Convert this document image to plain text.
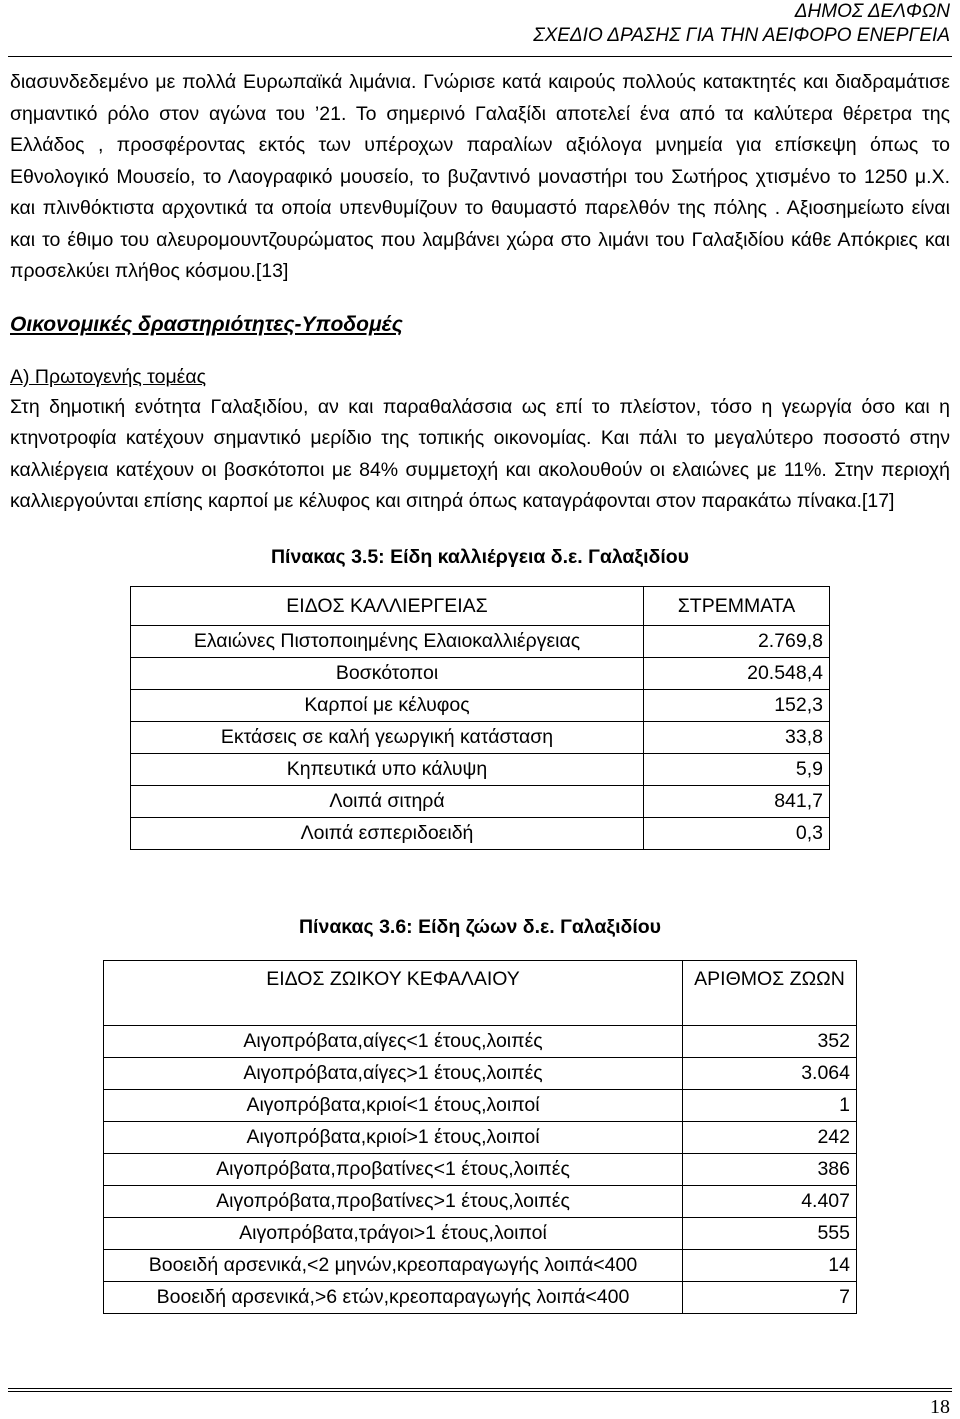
ΔΗΜΟΣ ΔΕΛΦΩΝ
ΣΧΕΔΙΟ ΔΡΑΣΗΣ ΓΙΑ ΤΗΝ ΑΕΙΦΟΡΟ ΕΝΕΡΓΕΙΑ

διασυνδεδεμένο με πολλά Ευρωπαϊκά λιμάνια. Γνώρισε κατά καιρούς πολλούς κατακτητές και διαδραμάτισε σημαντικό ρόλο στον αγώνα του ’21. Το σημερινό Γαλαξίδι αποτελεί ένα από τα καλύτερα θέρετρα της Ελλάδος , προσφέροντας εκτός των υπέροχων παραλίων αξιόλογα μνημεία για επίσκεψη όπως το Εθνολογικό Μουσείο, το Λαογραφικό μουσείο, το βυζαντινό μοναστήρι του Σωτήρος χτισμένο το 1250 μ.Χ. και πλινθόκτιστα αρχοντικά τα οποία υπενθυμίζουν το θαυμαστό παρελθόν της πόλης . Αξιοσημείωτο είναι και το έθιμο του αλευρομουντζουρώματος που λαμβάνει χώρα στο λιμάνι του Γαλαξιδίου κάθε Απόκριες και προσελκύει πλήθος κόσμου.[13]

Οικονομικές δραστηριότητες-Υποδομές
Α) Πρωτογενής τομέας

Στη δημοτική ενότητα Γαλαξιδίου, αν και παραθαλάσσια ως επί το πλείστον, τόσο η γεωργία όσο και η κτηνοτροφία κατέχουν σημαντικό μερίδιο της τοπικής οικονομίας. Και πάλι το μεγαλύτερο ποσοστό στην καλλιέργεια κατέχουν οι βοσκότοποι με 84% συμμετοχή και ακολουθούν οι ελαιώνες με 11%. Στην περιοχή καλλιεργούνται επίσης καρποί με κέλυφος και σιτηρά όπως καταγράφονται στον παρακάτω πίνακα.[17]

Πίνακας 3.5: Είδη καλλιέργεια δ.ε. Γαλαξιδίου
ΕΙΔΟΣ ΚΑΛΛΙΕΡΓΕΙΑΣ	ΣΤΡΕΜΜΑΤΑ
Ελαιώνες Πιστοποιημένης Ελαιοκαλλιέργειας	2.769,8
Βοσκότοποι	20.548,4
Καρποί με κέλυφος	152,3
Εκτάσεις σε καλή γεωργική κατάσταση	33,8
Κηπευτικά υπο κάλυψη	5,9
Λοιπά σιτηρά	841,7
Λοιπά εσπεριδοειδή	0,3
Πίνακας 3.6: Είδη ζώων δ.ε. Γαλαξιδίου
ΕΙΔΟΣ ΖΩΙΚΟΥ ΚΕΦΑΛΑΙΟΥ	ΑΡΙΘΜΟΣ ΖΩΩΝ
Αιγοπρόβατα,αίγες<1 έτους,λοιπές	352
Αιγοπρόβατα,αίγες>1 έτους,λοιπές	3.064
Αιγοπρόβατα,κριοί<1 έτους,λοιποί	1
Αιγοπρόβατα,κριοί>1 έτους,λοιποί	242
Αιγοπρόβατα,προβατίνες<1 έτους,λοιπές	386
Αιγοπρόβατα,προβατίνες>1 έτους,λοιπές	4.407
Αιγοπρόβατα,τράγοι>1 έτους,λοιποί	555
Βοοειδή αρσενικά,<2 μηνών,κρεοπαραγωγής λοιπά<400	14
Βοοειδή αρσενικά,>6 ετών,κρεοπαραγωγής λοιπά<400	7
18
